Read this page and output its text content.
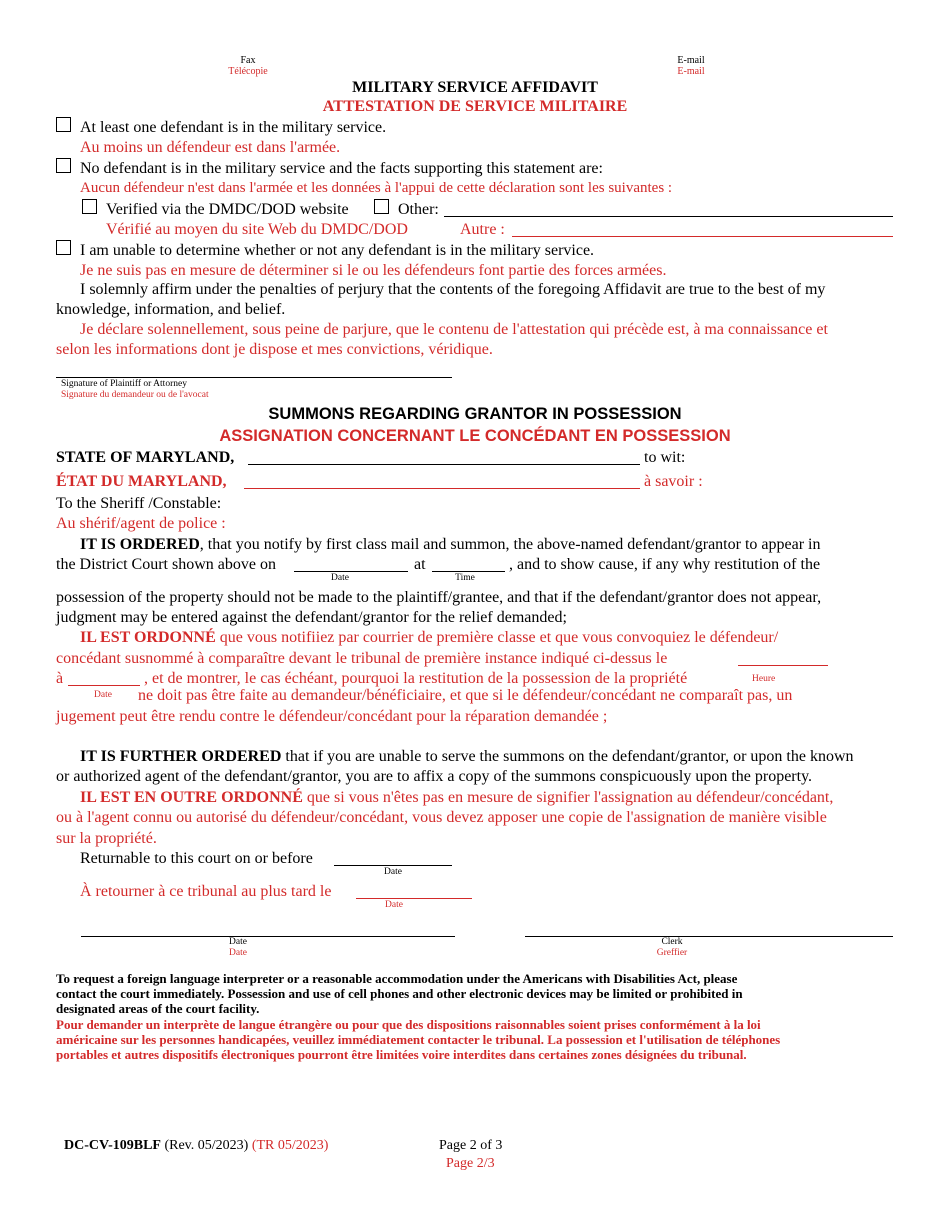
Fax
Télécopie
E-mail
E-mail
MILITARY SERVICE AFFIDAVIT
ATTESTATION DE SERVICE MILITAIRE
At least one defendant is in the military service.
Au moins un défendeur est dans l'armée.
No defendant is in the military service and the facts supporting this statement are:
Aucun défendeur n'est dans l'armée et les données à l'appui de cette déclaration sont les suivantes :
Verified via the DMDC/DOD website	Other:
Vérifié au moyen du site Web du DMDC/DOD	Autre :
I am unable to determine whether or not any defendant is in the military service.
Je ne suis pas en mesure de déterminer si le ou les défendeurs font partie des forces armées.
I solemnly affirm under the penalties of perjury that the contents of the foregoing Affidavit are true to the best of my
knowledge, information, and belief.
Je déclare solennellement, sous peine de parjure, que le contenu de l'attestation qui précède est, à ma connaissance et
selon les informations dont je dispose et mes convictions, véridique.
Signature of Plaintiff or Attorney
Signature du demandeur ou de l'avocat
SUMMONS REGARDING GRANTOR IN POSSESSION
ASSIGNATION CONCERNANT LE CONCÉDANT EN POSSESSION
STATE OF MARYLAND,	to wit:
ÉTAT DU MARYLAND,	à savoir :
To the Sheriff /Constable:
Au shérif/agent de police :
IT IS ORDERED, that you notify by first class mail and summon, the above-named defendant/grantor to appear in
the District Court shown above on	at	, and to show cause, if any why restitution of the
Date	Time
possession of the property should not be made to the plaintiff/grantee, and that if the defendant/grantor does not appear,
judgment may be entered against the defendant/grantor for the relief demanded;
IL EST ORDONNÉ que vous notifiiez par courrier de première classe et que vous convoquiez le défendeur/
concédant susnommé à comparaître devant le tribunal de première instance indiqué ci-dessus le
à	, et de montrer, le cas échéant, pourquoi la restitution de la possession de la propriété	Heure
Date ne doit pas être faite au demandeur/bénéficiaire, et que si le défendeur/concédant ne comparaît pas, un
jugement peut être rendu contre le défendeur/concédant pour la réparation demandée ;
IT IS FURTHER ORDERED that if you are unable to serve the summons on the defendant/grantor, or upon the known
or authorized agent of the defendant/grantor, you are to affix a copy of the summons conspicuously upon the property.
IL EST EN OUTRE ORDONNÉ que si vous n'êtes pas en mesure de signifier l'assignation au défendeur/concédant,
ou à l'agent connu ou autorisé du défendeur/concédant, vous devez apposer une copie de l'assignation de manière visible
sur la propriété.
Returnable to this court on or before
Date
À retourner à ce tribunal au plus tard le
Date
Date
Date
Clerk
Greffier
To request a foreign language interpreter or a reasonable accommodation under the Americans with Disabilities Act, please
contact the court immediately. Possession and use of cell phones and other electronic devices may be limited or prohibited in
designated areas of the court facility.
Pour demander un interprète de langue étrangère ou pour que des dispositions raisonnables soient prises conformément à la loi
américaine sur les personnes handicapées, veuillez immédiatement contacter le tribunal. La possession et l'utilisation de téléphones
portables et autres dispositifs électroniques pourront être limitées voire interdites dans certaines zones désignées du tribunal.
DC-CV-109BLF (Rev. 05/2023) (TR 05/2023)	Page 2 of 3
Page 2/3
